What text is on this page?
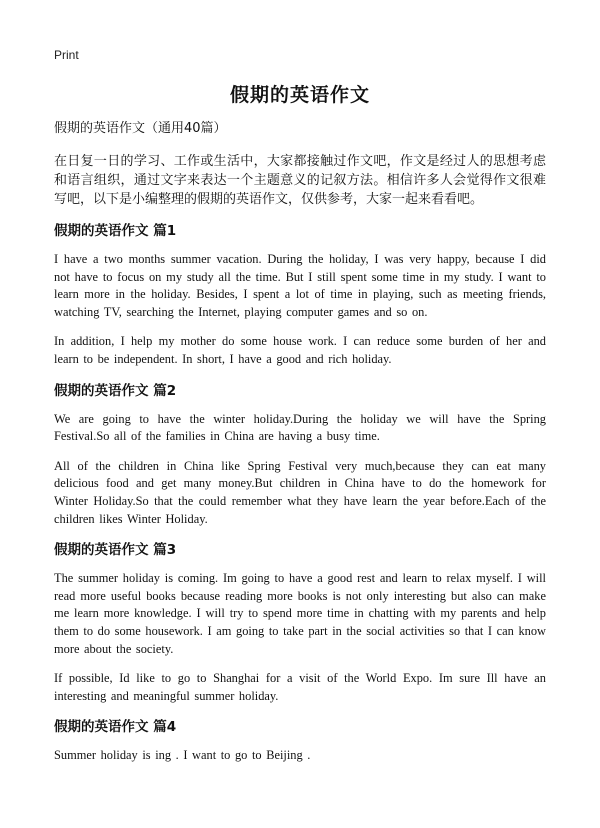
Print
假期的英语作文

假期的英语作文（通用40篇）

在日复一日的学习、工作或生活中，大家都接触过作文吧，作文是经过人的思想考虑和语言组织，通过文字来表达一个主题意义的记叙方法。相信许多人会觉得作文很难写吧，以下是小编整理的假期的英语作文，仅供参考，大家一起来看看吧。

假期的英语作文 篇1

I have a two months summer vacation. During the holiday, I was very happy, because I did not have to focus on my study all the time. But I still spent some time in my study. I want to learn more in the holiday. Besides, I spent a lot of time in playing, such as meeting friends, watching TV, searching the Internet, playing computer games and so on.

In addition, I help my mother do some house work. I can reduce some burden of her and learn to be independent. In short, I have a good and rich holiday.

假期的英语作文 篇2

We are going to have the winter holiday.During the holiday we will have the Spring Festival.So all of the families in China are having a busy time.

All of the children in China like Spring Festival very much,because they can eat many delicious food and get many money.But children in China have to do the homework for Winter Holiday.So that the could remember what they have learn the year before.Each of the children likes Winter Holiday.

假期的英语作文 篇3

The summer holiday is coming. Im going to have a good rest and learn to relax myself. I will read more useful books because reading more books is not only interesting but also can make me learn more knowledge. I will try to spend more time in chatting with my parents and help them to do some housework. I am going to take part in the social activities so that I can know more about the society.

If possible, Id like to go to Shanghai for a visit of the World Expo. Im sure Ill have an interesting and meaningful summer holiday.

假期的英语作文 篇4

Summer holiday is ing . I want to go to Beijing .
